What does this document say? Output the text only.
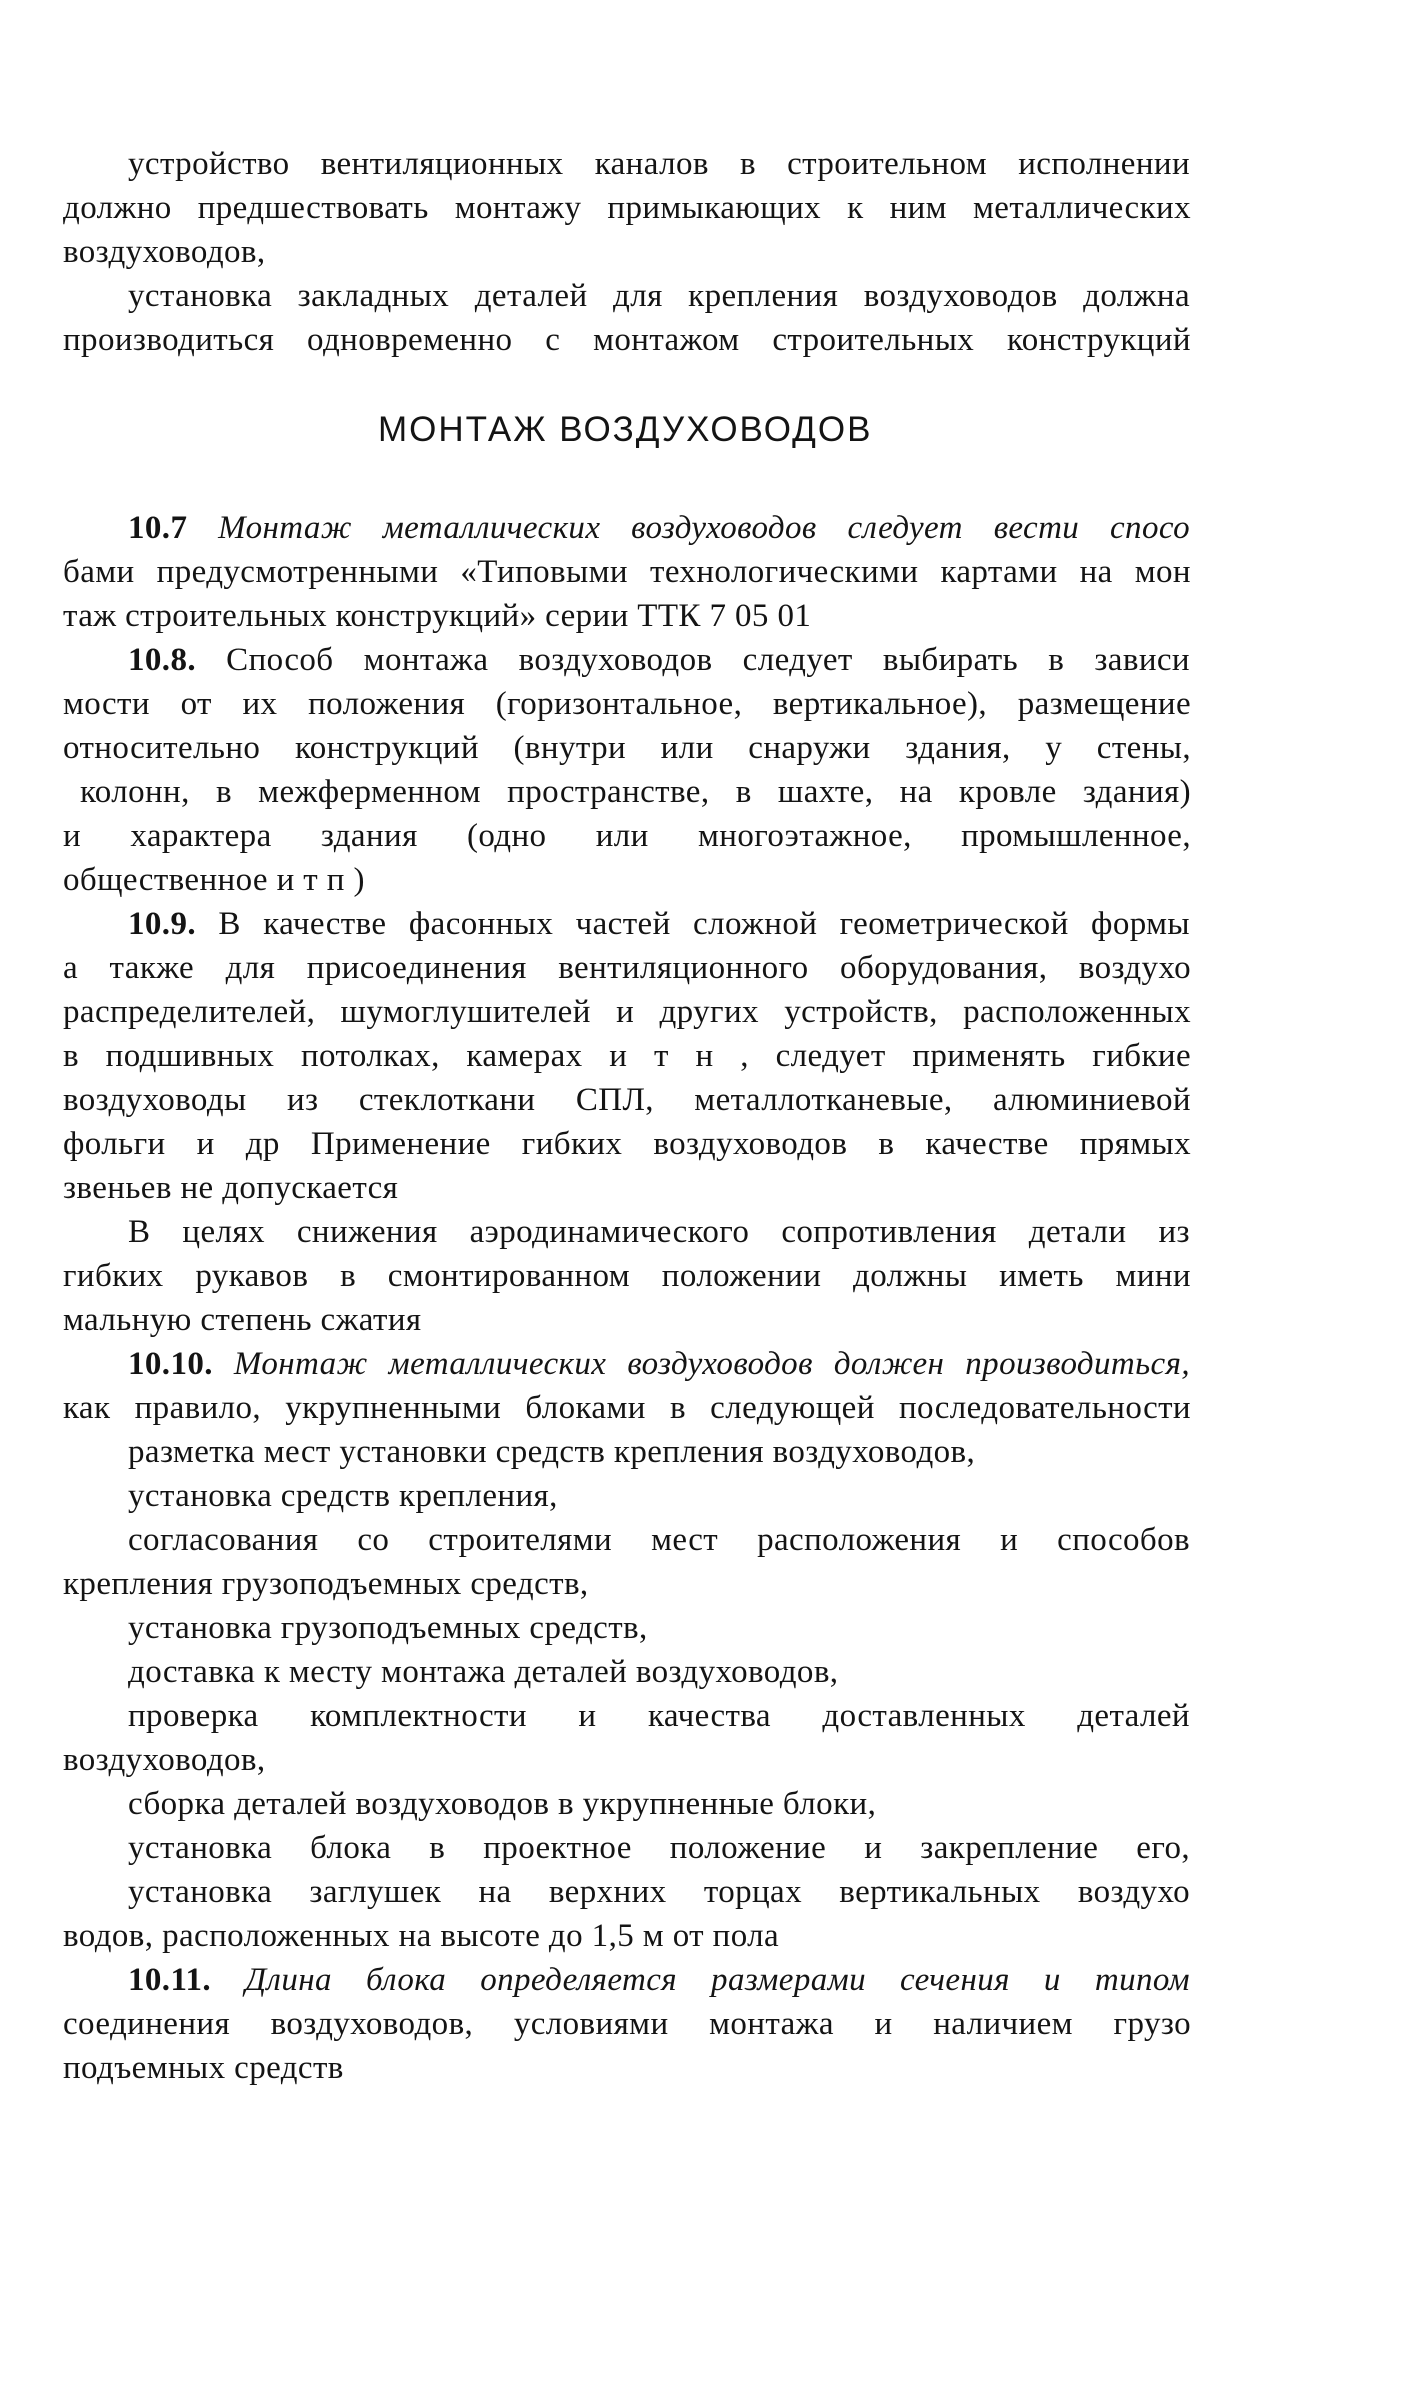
устройство вентиляционных каналов в строительном исполнении
должно предшествовать монтажу примыкающих к ним металлических
воздуховодов,
установка закладных деталей для крепления воздуховодов должна
производиться одновременно с монтажом строительных конструкций
МОНТАЖ ВОЗДУХОВОДОВ
10.7 Монтаж металлических воздуховодов следует вести спосо
бами предусмотренными «Типовыми технологическими картами на мон
таж строительных конструкций» серии ТТК 7 05 01
10.8. Способ монтажа воздуховодов следует выбирать в зависи
мости от их положения (горизонтальное, вертикальное), размещение
относительно конструкций (внутри или снаружи здания, у стены,
колонн, в межферменном пространстве, в шахте, на кровле здания)
и характера здания (одно или многоэтажное, промышленное,
общественное и т п )
10.9. В качестве фасонных частей сложной геометрической формы
а также для присоединения вентиляционного оборудования, воздухо
распределителей, шумоглушителей и других устройств, расположенных
в подшивных потолках, камерах и т н , следует применять гибкие
воздуховоды из стеклоткани СПЛ, металлотканевые, алюминиевой
фольги и др Применение гибких воздуховодов в качестве прямых
звеньев не допускается
В целях снижения аэродинамического сопротивления детали из
гибких рукавов в смонтированном положении должны иметь мини
мальную степень сжатия
10.10. Монтаж металлических воздуховодов должен производиться,
как правило, укрупненными блоками в следующей последовательности
разметка мест установки средств крепления воздуховодов,
установка средств крепления,
согласования со строителями мест расположения и способов
крепления грузоподъемных средств,
установка грузоподъемных средств,
доставка к месту монтажа деталей воздуховодов,
проверка комплектности и качества доставленных деталей
воздуховодов,
сборка деталей воздуховодов в укрупненные блоки,
установка блока в проектное положение и закрепление его,
установка заглушек на верхних торцах вертикальных воздухо
водов, расположенных на высоте до 1,5 м от пола
10.11. Длина блока определяется размерами сечения и типом
соединения воздуховодов, условиями монтажа и наличием грузо
подъемных средств
